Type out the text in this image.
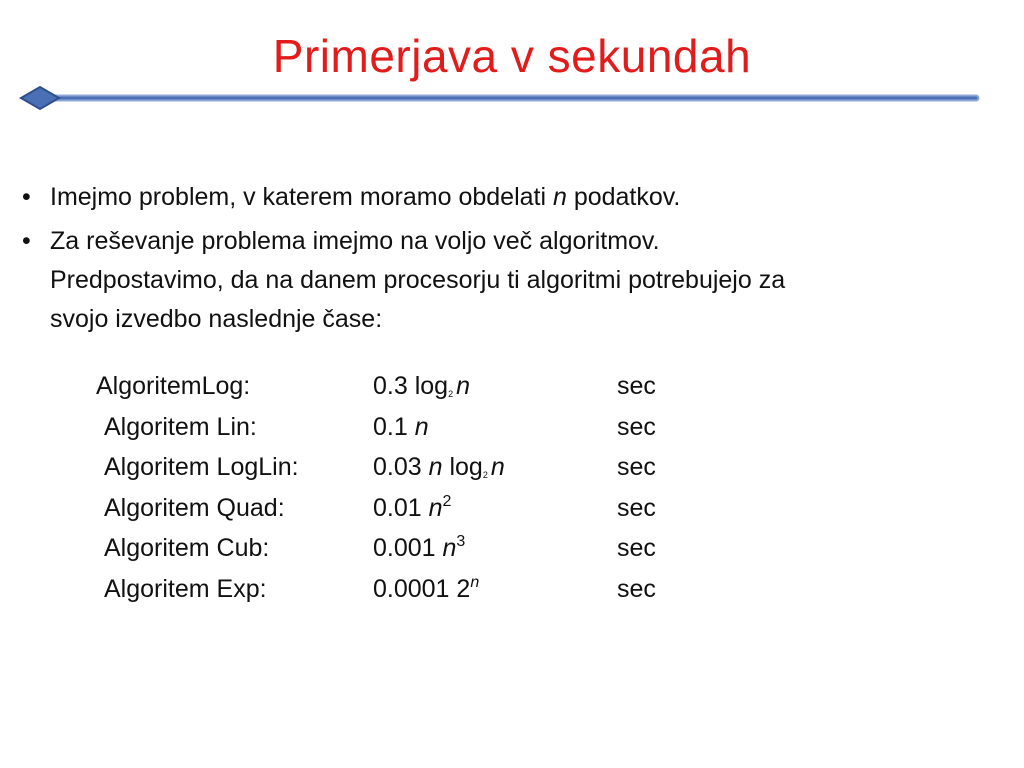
Primerjava v sekundah
• Imejmo problem, v katerem moramo obdelati n podatkov.
• Za reševanje problema imejmo na voljo več algoritmov.
Predpostavimo, da na danem procesorju ti algoritmi potrebujejo za
svojo izvedbo naslednje čase:
AlgoritemLog:	0.3 log2 n	sec
Algoritem Lin:	0.1 n	sec
Algoritem LogLin:	0.03 n log2 n	sec
Algoritem Quad:	0.01 $n^2$	sec
Algoritem Cub:	0.001 $n^3$	sec
Algoritem Exp:	0.0001 2$^n$	sec
